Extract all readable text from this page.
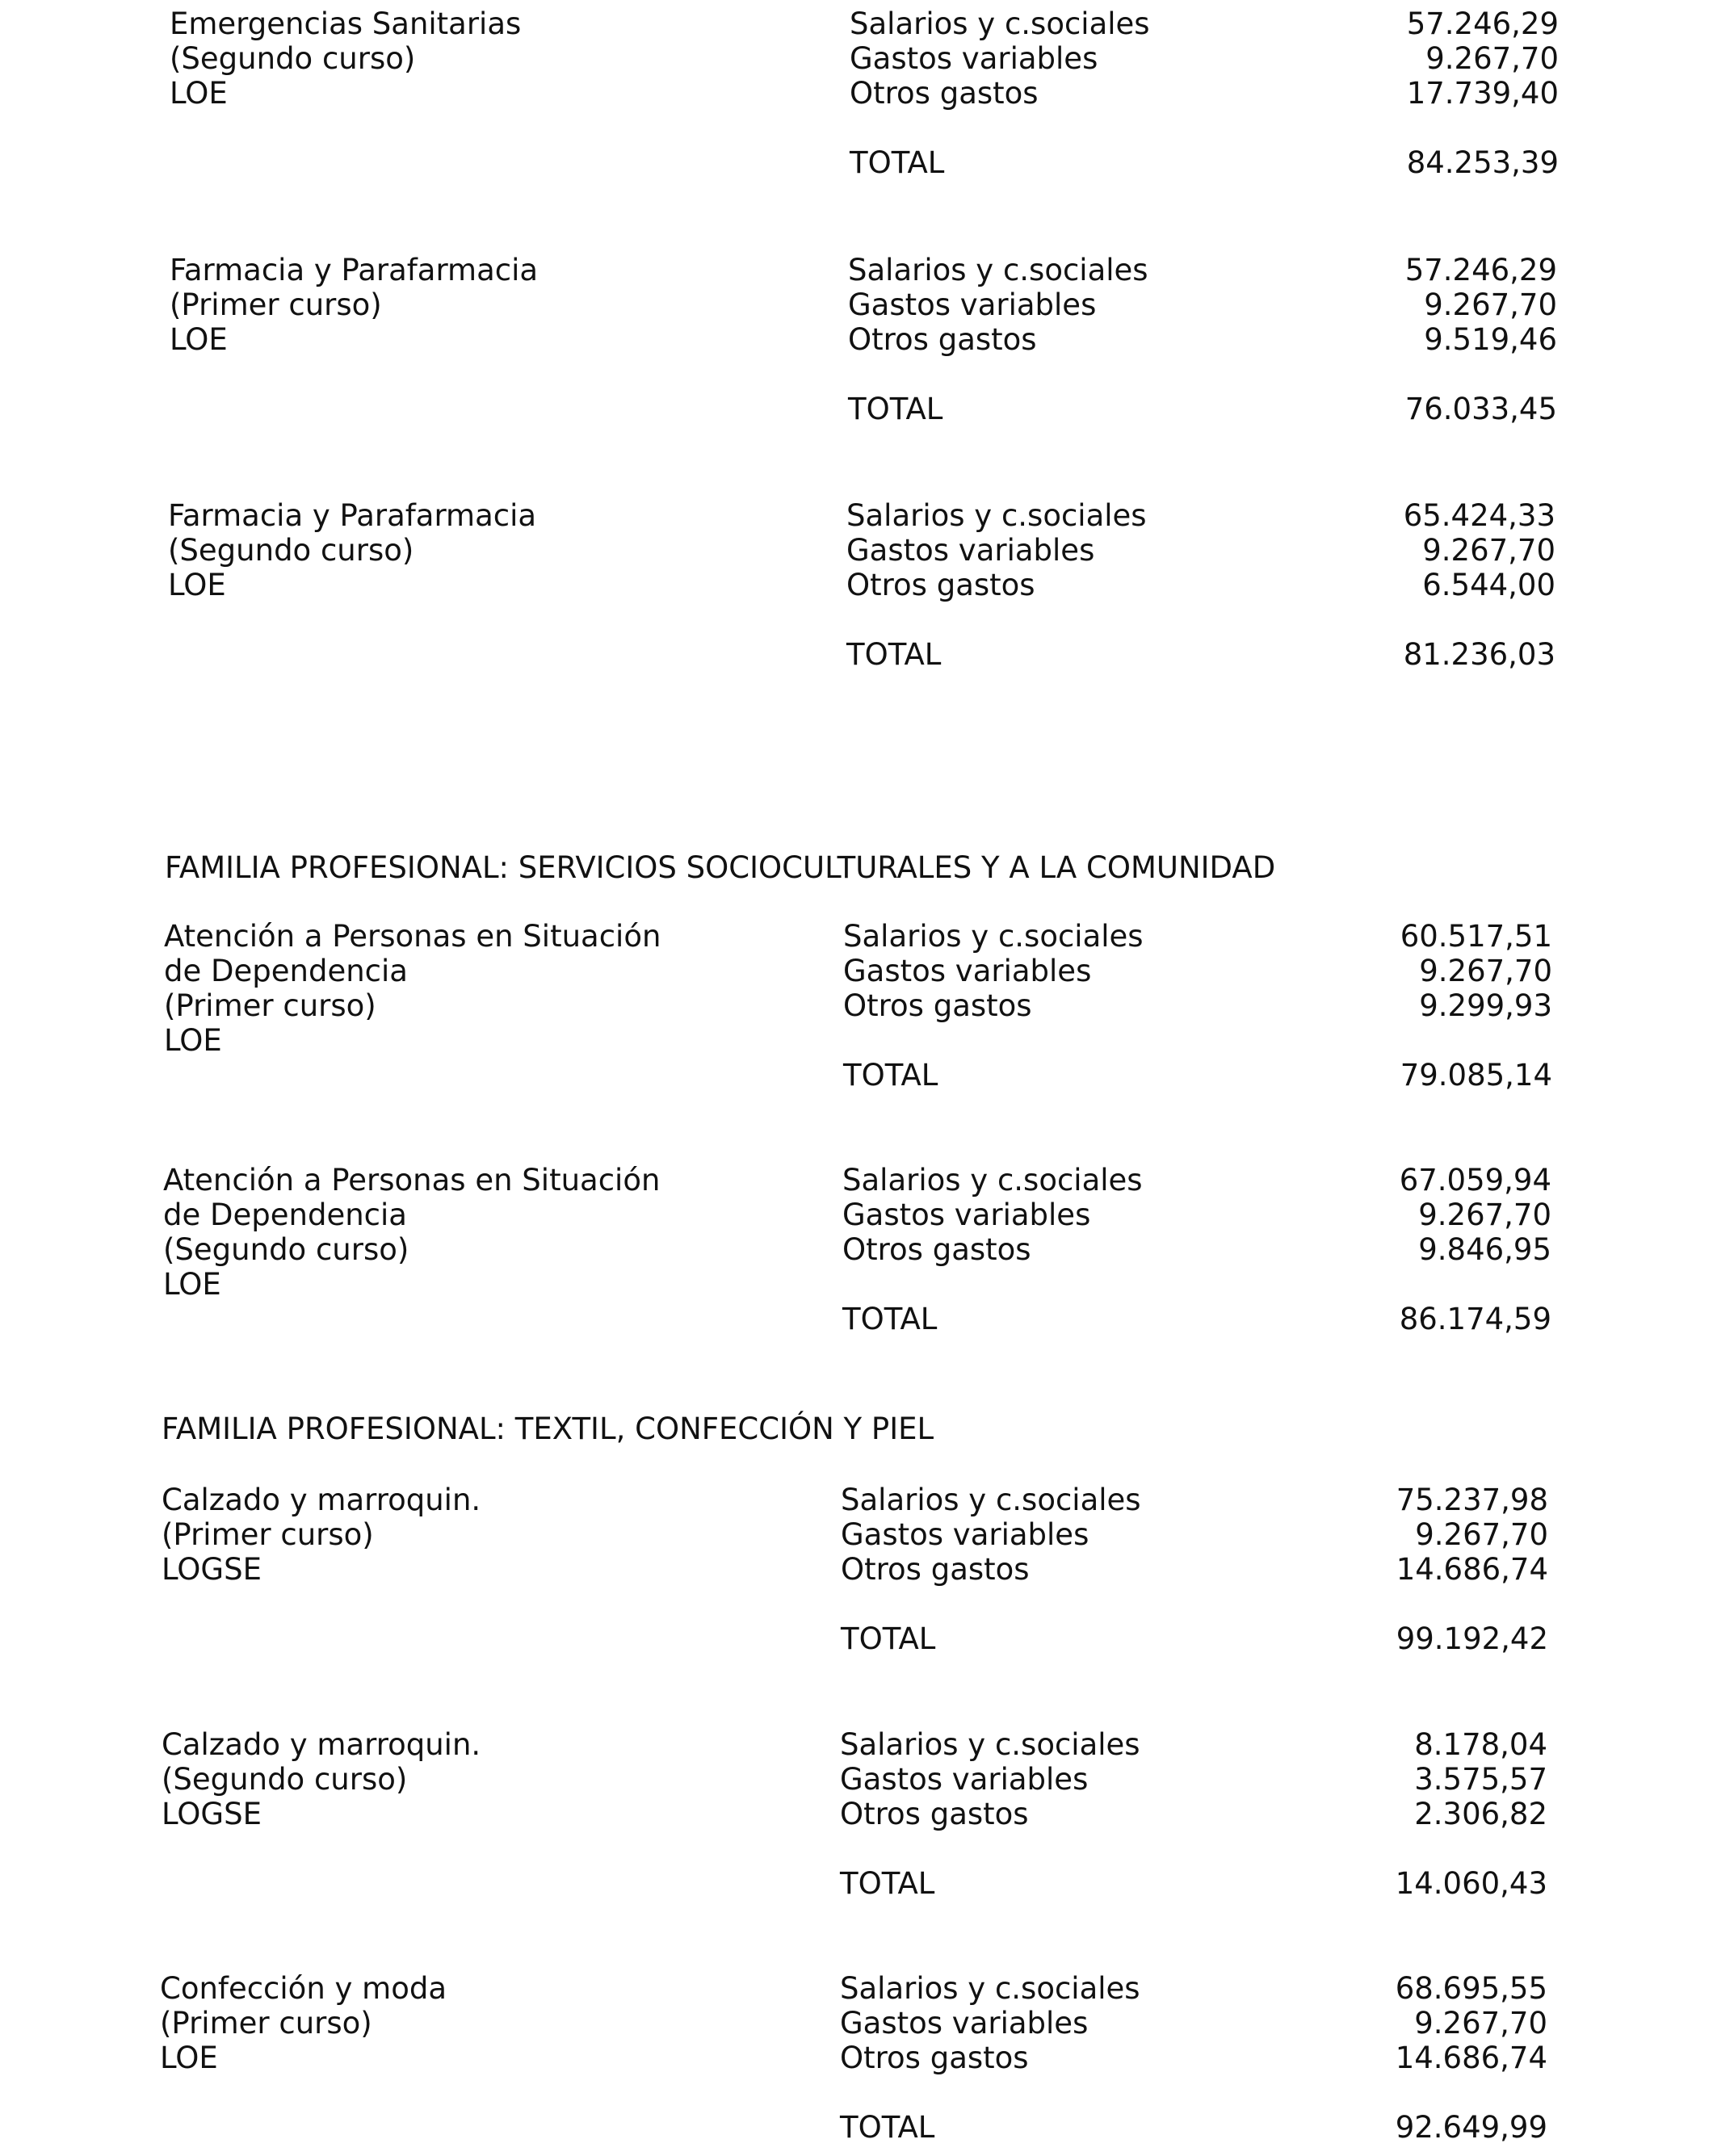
FAMILIA PROFESIONAL: SERVICIOS SOCIOCULTURALES Y A LA COMUNIDAD
FAMILIA PROFESIONAL: TEXTIL, CONFECCIÓN Y PIEL
Emergencias Sanitarias
(Segundo curso)
LOE
Salarios y c.sociales	57.246,29
Gastos variables	9.267,70
Otros gastos	17.739,40
TOTAL	84.253,39
Farmacia y Parafarmacia
(Primer curso)
LOE
Salarios y c.sociales	57.246,29
Gastos variables	9.267,70
Otros gastos	9.519,46
TOTAL	76.033,45
Farmacia y Parafarmacia
(Segundo curso)
LOE
Salarios y c.sociales	65.424,33
Gastos variables	9.267,70
Otros gastos	6.544,00
TOTAL	81.236,03
Atención a Personas en Situación
de Dependencia
(Primer curso)
LOE
Salarios y c.sociales	60.517,51
Gastos variables	9.267,70
Otros gastos	9.299,93
TOTAL	79.085,14
Atención a Personas en Situación
de Dependencia
(Segundo curso)
LOE
Salarios y c.sociales	67.059,94
Gastos variables	9.267,70
Otros gastos	9.846,95
TOTAL	86.174,59
Calzado y marroquin.
(Primer curso)
LOGSE
Salarios y c.sociales	75.237,98
Gastos variables	9.267,70
Otros gastos	14.686,74
TOTAL	99.192,42
Calzado y marroquin.
(Segundo curso)
LOGSE
Salarios y c.sociales	8.178,04
Gastos variables	3.575,57
Otros gastos	2.306,82
TOTAL	14.060,43
Confección y moda
(Primer curso)
LOE
Salarios y c.sociales	68.695,55
Gastos variables	9.267,70
Otros gastos	14.686,74
TOTAL	92.649,99
